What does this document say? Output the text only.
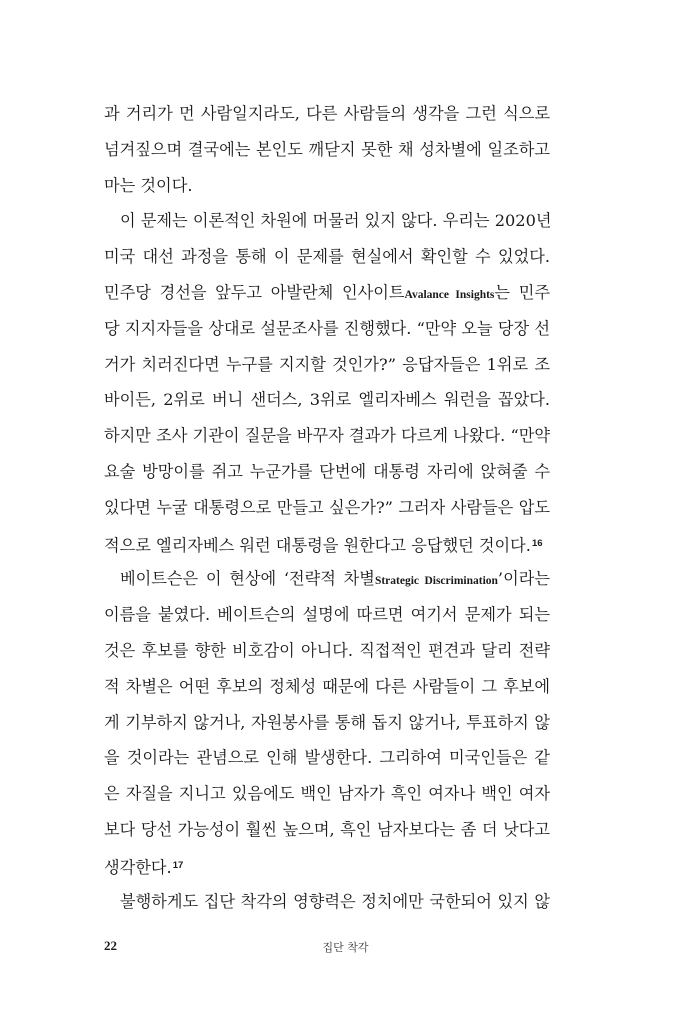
과 거리가 먼 사람일지라도, 다른 사람들의 생각을 그런 식으로
넘겨짚으며 결국에는 본인도 깨닫지 못한 채 성차별에 일조하고
마는 것이다.
이 문제는 이론적인 차원에 머물러 있지 않다. 우리는 2020년
미국 대선 과정을 통해 이 문제를 현실에서 확인할 수 있었다.
민주당 경선을 앞두고 아발란체 인사이트Avalance Insights는 민주
당 지지자들을 상대로 설문조사를 진행했다. “만약 오늘 당장 선
거가 치러진다면 누구를 지지할 것인가?” 응답자들은 1위로 조
바이든, 2위로 버니 샌더스, 3위로 엘리자베스 워런을 꼽았다.
하지만 조사 기관이 질문을 바꾸자 결과가 다르게 나왔다. “만약
요술 방망이를 쥐고 누군가를 단번에 대통령 자리에 앉혀줄 수
있다면 누굴 대통령으로 만들고 싶은가?” 그러자 사람들은 압도
적으로 엘리자베스 워런 대통령을 원한다고 응답했던 것이다.$^{16}$
베이트슨은 이 현상에 ‘전략적 차별Strategic Discrimination’이라는
이름을 붙였다. 베이트슨의 설명에 따르면 여기서 문제가 되는
것은 후보를 향한 비호감이 아니다. 직접적인 편견과 달리 전략
적 차별은 어떤 후보의 정체성 때문에 다른 사람들이 그 후보에
게 기부하지 않거나, 자원봉사를 통해 돕지 않거나, 투표하지 않
을 것이라는 관념으로 인해 발생한다. 그리하여 미국인들은 같
은 자질을 지니고 있음에도 백인 남자가 흑인 여자나 백인 여자
보다 당선 가능성이 훨씬 높으며, 흑인 남자보다는 좀 더 낫다고
생각한다.$^{17}$
불행하게도 집단 착각의 영향력은 정치에만 국한되어 있지 않
22	집단 착각
